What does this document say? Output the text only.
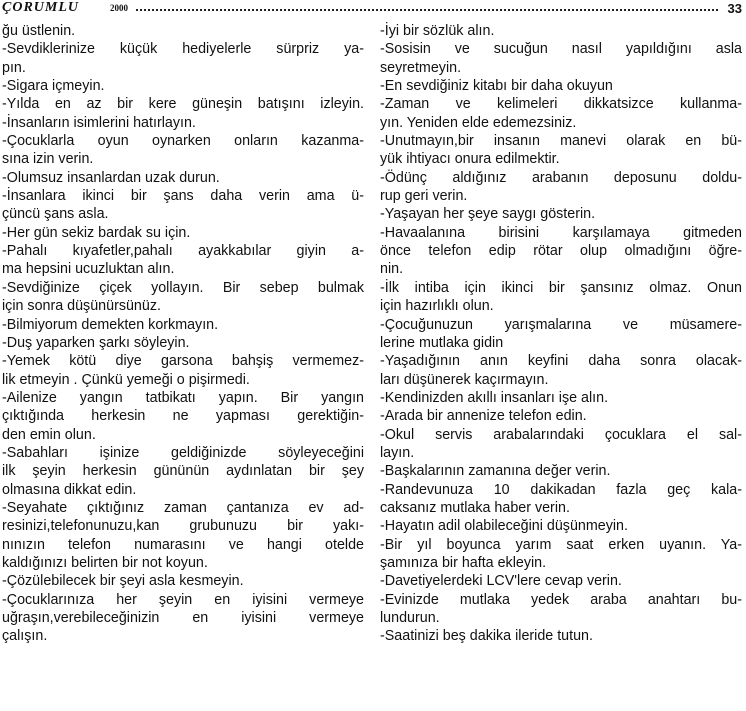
ÇORUMLU	2000	33

ğu üstlenin.

-Sevdiklerinize küçük hediyelerle sürpriz ya-

pın.

-Sigara içmeyin.

-Yılda en az bir kere güneşin batışını izleyin.

-İnsanların isimlerini hatırlayın.

-Çocuklarla oyun oynarken onların kazanma-

sına izin verin.

-Olumsuz insanlardan uzak durun.

-İnsanlara ikinci bir şans daha verin ama ü-

çüncü şans asla.

-Her gün sekiz bardak su için.

-Pahalı kıyafetler,pahalı ayakkabılar giyin a-

ma hepsini ucuzluktan alın.

-Sevdiğinize çiçek yollayın. Bir sebep bulmak

için sonra düşünürsünüz.

-Bilmiyorum demekten korkmayın.

-Duş yaparken şarkı söyleyin.

-Yemek kötü diye garsona bahşiş vermemez-

lik etmeyin . Çünkü yemeği o pişirmedi.

-Ailenize yangın tatbikatı yapın. Bir yangın

çıktığında herkesin ne yapması gerektiğin-

den emin olun.

-Sabahları işinize geldiğinizde söyleyeceğini

ilk şeyin herkesin gününün aydınlatan bir şey

olmasına dikkat edin.

-Seyahate çıktığınız zaman çantanıza ev ad-

resinizi,telefonunuzu,kan grubunuzu bir yakı-

nınızın telefon numarasını ve hangi otelde

kaldığınızı belirten bir not koyun.

-Çözülebilecek bir şeyi asla kesmeyin.

-Çocuklarınıza her şeyin en iyisini vermeye

uğraşın,verebileceğinizin en iyisini vermeye

çalışın.

-İyi bir sözlük alın.

-Sosisin ve sucuğun nasıl yapıldığını asla

seyretmeyin.

-En sevdiğiniz kitabı bir daha okuyun

-Zaman ve kelimeleri dikkatsizce kullanma-

yın. Yeniden elde edemezsiniz.

-Unutmayın,bir insanın manevi olarak en bü-

yük ihtiyacı onura edilmektir.

-Ödünç aldığınız arabanın deposunu doldu-

rup geri verin.

-Yaşayan her şeye saygı gösterin.

-Havaalanına birisini karşılamaya gitmeden

önce telefon edip rötar olup olmadığını öğre-

nin.

-İlk intiba için ikinci bir şansınız olmaz. Onun

için hazırlıklı olun.

-Çocuğunuzun yarışmalarına ve müsamere-

lerine mutlaka gidin

-Yaşadığının anın keyfini daha sonra olacak-

ları düşünerek kaçırmayın.

-Kendinizden akıllı insanları işe alın.

-Arada bir annenize telefon edin.

-Okul servis arabalarındaki çocuklara el sal-

layın.

-Başkalarının zamanına değer verin.

-Randevunuza 10 dakikadan fazla geç kala-

caksanız mutlaka haber verin.

-Hayatın adil olabileceğini düşünmeyin.

-Bir yıl boyunca yarım saat erken uyanın. Ya-

şamınıza bir hafta ekleyin.

-Davetiyelerdeki LCV'lere cevap verin.

-Evinizde mutlaka yedek araba anahtarı bu-

lundurun.

-Saatinizi beş dakika ileride tutun.
